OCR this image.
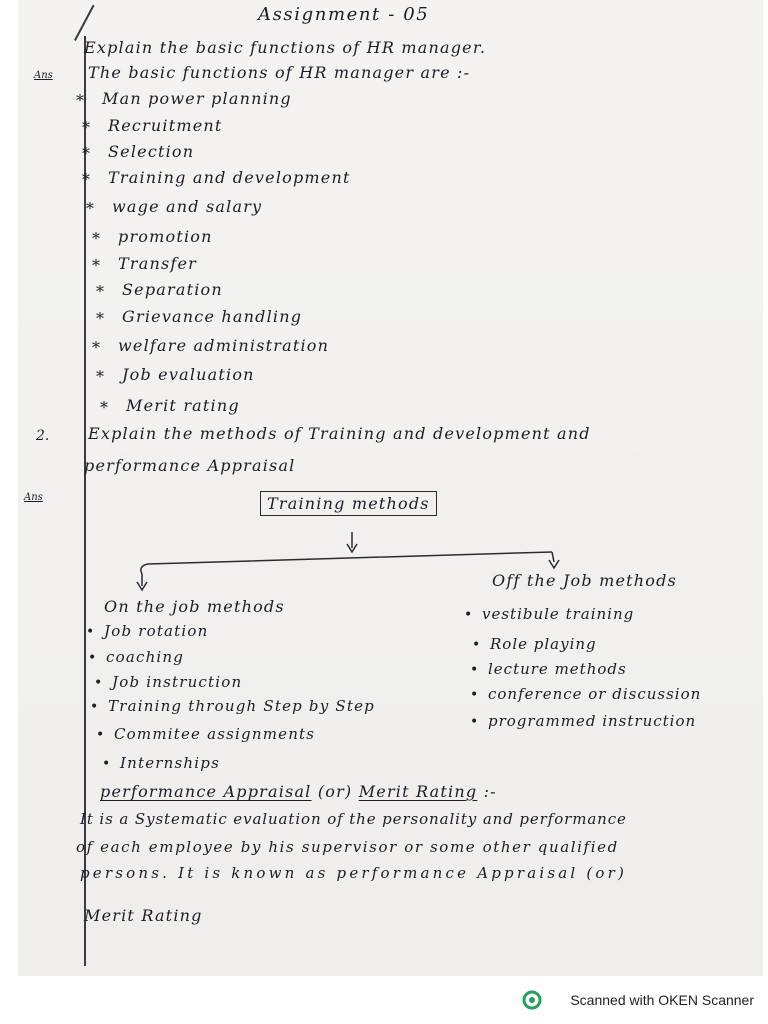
Assignment - 05
Explain the basic functions of HR manager.
Ans The basic functions of HR manager are :-
* Man power planning
* Recruitment
* Selection
* Training and development
* wage and salary
* promotion
* Transfer
* Separation
* Grievance handling
* welfare administration
* Job evaluation
* Merit rating
2. Explain the methods of Training and development and
performance Appraisal
Ans	Training methods
On the job methods
Off the Job methods
• Job rotation
• coaching
• Job instruction
• Training through Step by Step
• Commitee assignments
• Internships
• vestibule training
• Role playing
• lecture methods
• conference or discussion
• programmed instruction
performance Appraisal (or) Merit Rating :-
It is a Systematic evaluation of the personality and performance
of each employee by his supervisor or some other qualified
persons. It is known as performance Appraisal (or)
Merit Rating
Scanned with OKEN Scanner
